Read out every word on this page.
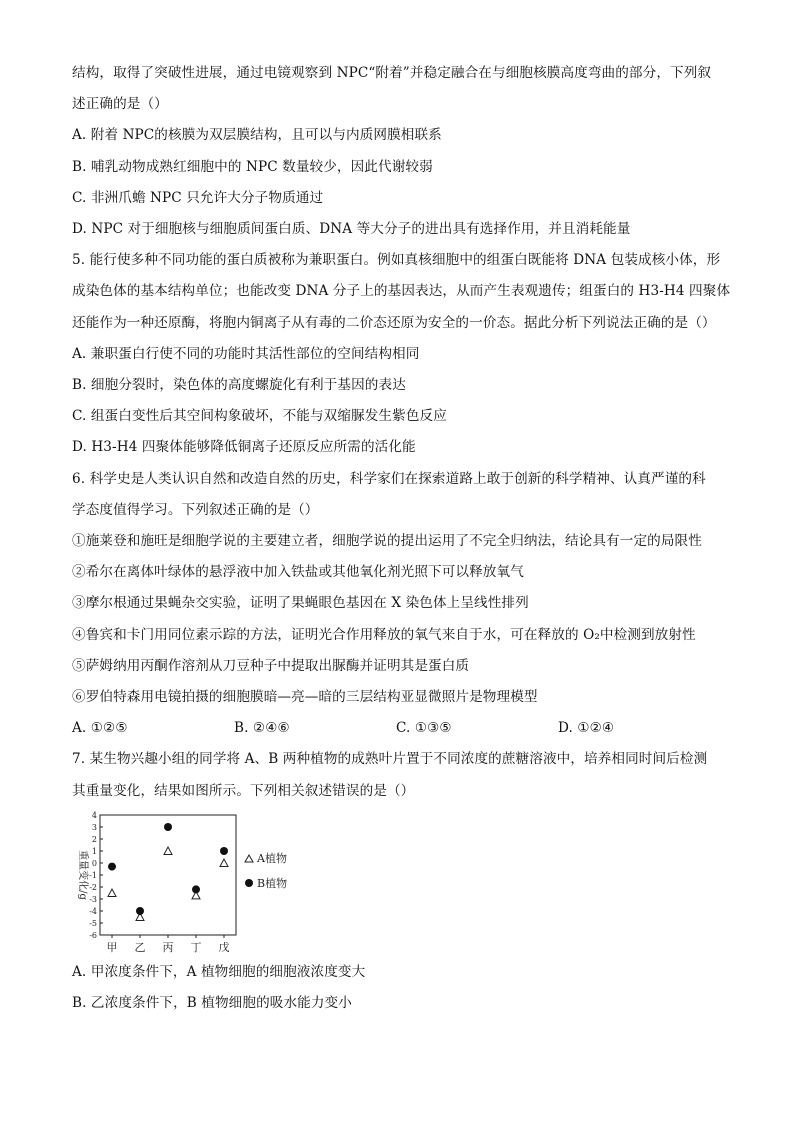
结构，取得了突破性进展，通过电镜观察到 NPC“附着”并稳定融合在与细胞核膜高度弯曲的部分，下列叙
述正确的是（）
A. 附着 NPC的核膜为双层膜结构，且可以与内质网膜相联系
B. 哺乳动物成熟红细胞中的 NPC 数量较少，因此代谢较弱
C. 非洲爪蟾 NPC 只允许大分子物质通过
D. NPC 对于细胞核与细胞质间蛋白质、DNA 等大分子的进出具有选择作用，并且消耗能量
5. 能行使多种不同功能的蛋白质被称为兼职蛋白。例如真核细胞中的组蛋白既能将 DNA 包装成核小体，形
成染色体的基本结构单位；也能改变 DNA 分子上的基因表达，从而产生表观遗传；组蛋白的 H3-H4 四聚体
还能作为一种还原酶，将胞内铜离子从有毒的二价态还原为安全的一价态。据此分析下列说法正确的是（）
A. 兼职蛋白行使不同的功能时其活性部位的空间结构相同
B. 细胞分裂时，染色体的高度螺旋化有利于基因的表达
C. 组蛋白变性后其空间构象破坏，不能与双缩脲发生紫色反应
D. H3-H4 四聚体能够降低铜离子还原反应所需的活化能
6. 科学史是人类认识自然和改造自然的历史，科学家们在探索道路上敢于创新的科学精神、认真严谨的科
学态度值得学习。下列叙述正确的是（）
①施莱登和施旺是细胞学说的主要建立者，细胞学说的提出运用了不完全归纳法，结论具有一定的局限性
②希尔在离体叶绿体的悬浮液中加入铁盐或其他氧化剂光照下可以释放氧气
③摩尔根通过果蝇杂交实验，证明了果蝇眼色基因在 X 染色体上呈线性排列
④鲁宾和卡门用同位素示踪的方法，证明光合作用释放的氧气来自于水，可在释放的 O₂中检测到放射性
⑤萨姆纳用丙酮作溶剂从刀豆种子中提取出脲酶并证明其是蛋白质
⑥罗伯特森用电镜拍摄的细胞膜暗—亮—暗的三层结构亚显微照片是物理模型
A. ①②⑤	B. ②④⑥	C. ①③⑤	D. ①②④
7. 某生物兴趣小组的同学将 A、B 两种植物的成熟叶片置于不同浓度的蔗糖溶液中，培养相同时间后检测
其重量变化，结果如图所示。下列相关叙述错误的是（）
重量变化/g
4
3
2
1
0
-1
-2
-3
-4
-5
-6
甲 乙 丙 丁 戊
A植物
B植物
A. 甲浓度条件下，A 植物细胞的细胞液浓度变大
B. 乙浓度条件下，B 植物细胞的吸水能力变小
